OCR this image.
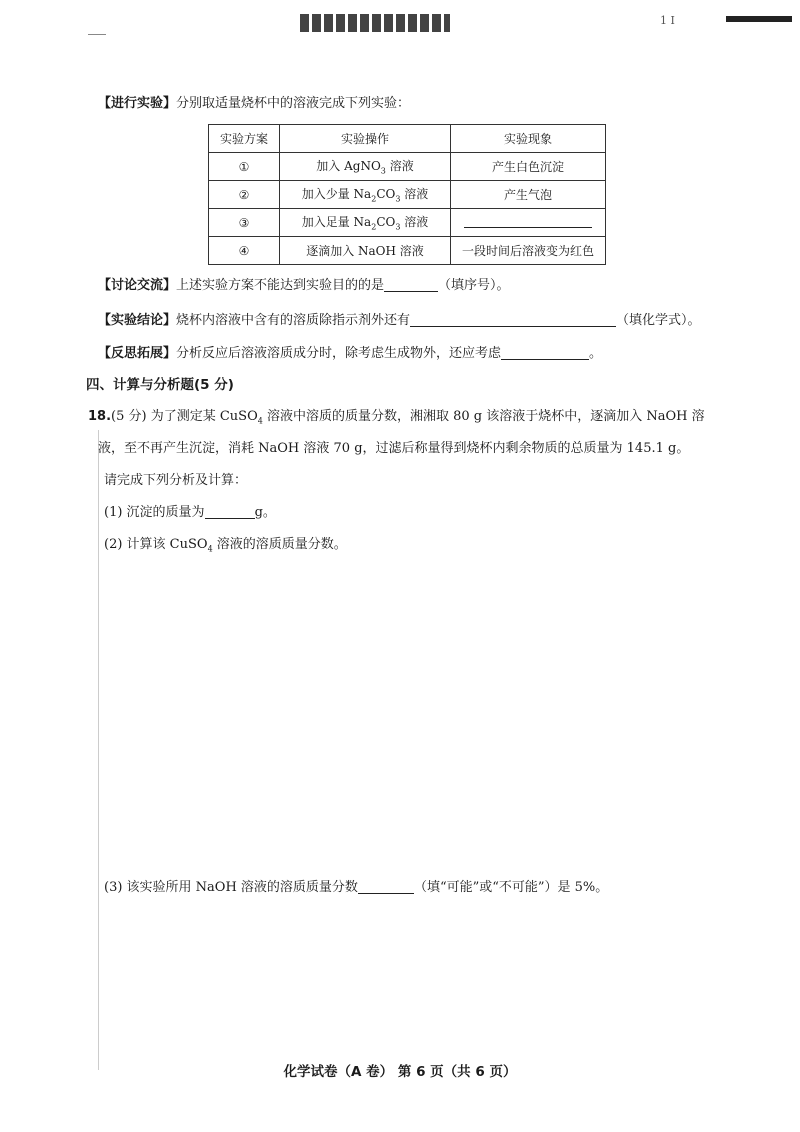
1 I
【进行实验】分别取适量烧杯中的溶液完成下列实验：
实验方案	实验操作	实验现象
①	加入 AgNO$_3$ 溶液	产生白色沉淀
②	加入少量 $Na_2CO_3$ 溶液	产生气泡
③	加入足量 $Na_2CO_3$ 溶液	
④	逐滴加入 NaOH 溶液	一段时间后溶液变为红色
【讨论交流】上述实验方案不能达到实验目的的是	（填序号）。
【实验结论】烧杯内溶液中含有的溶质除指示剂外还有	（填化学式）。
【反思拓展】分析反应后溶液溶质成分时，除考虑生成物外，还应考虑	。
四、计算与分析题(5 分)
18.(5 分) 为了测定某 CuSO$_4$ 溶液中溶质的质量分数，湘湘取 80 g 该溶液于烧杯中，逐滴加入 NaOH 溶
液，至不再产生沉淀，消耗 NaOH 溶液 70 g，过滤后称量得到烧杯内剩余物质的总质量为 145.1 g。
请完成下列分析及计算：
(1) 沉淀的质量为	g。
(2) 计算该 CuSO$_4$ 溶液的溶质质量分数。
(3) 该实验所用 NaOH 溶液的溶质质量分数	（填“可能”或“不可能”）是 5%。
化学试卷（A 卷） 第 6 页（共 6 页）
